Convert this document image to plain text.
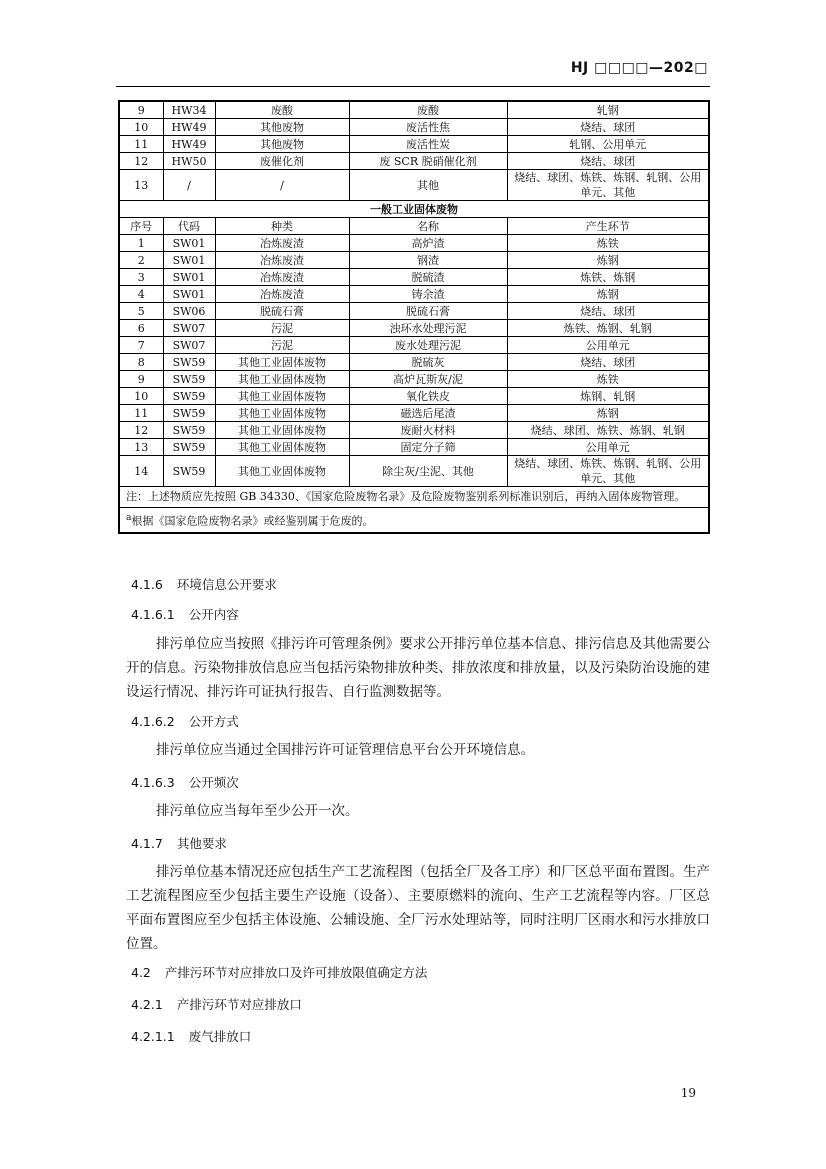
HJ □□□□—202□
9	HW34	废酸	废酸	轧钢
10	HW49	其他废物	废活性焦	烧结、球团
11	HW49	其他废物	废活性炭	轧钢、公用单元
12	HW50	废催化剂	废 SCR 脱硝催化剂	烧结、球团
13	/	/	其他	烧结、球团、炼铁、炼钢、轧钢、公用单元、其他
一般工业固体废物				
序号	代码	种类	名称	产生环节
1	SW01	冶炼废渣	高炉渣	炼铁
2	SW01	冶炼废渣	钢渣	炼钢
3	SW01	冶炼废渣	脱硫渣	炼铁、炼钢
4	SW01	冶炼废渣	铸余渣	炼钢
5	SW06	脱硫石膏	脱硫石膏	烧结、球团
6	SW07	污泥	浊环水处理污泥	炼铁、炼钢、轧钢
7	SW07	污泥	废水处理污泥	公用单元
8	SW59	其他工业固体废物	脱硫灰	烧结、球团
9	SW59	其他工业固体废物	高炉瓦斯灰/泥	炼铁
10	SW59	其他工业固体废物	氧化铁皮	炼钢、轧钢
11	SW59	其他工业固体废物	磁选后尾渣	炼钢
12	SW59	其他工业固体废物	废耐火材料	烧结、球团、炼铁、炼钢、轧钢
13	SW59	其他工业固体废物	固定分子筛	公用单元
14	SW59	其他工业固体废物	除尘灰/尘泥、其他	烧结、球团、炼铁、炼钢、轧钢、公用单元、其他
注：上述物质应先按照 GB 34330、《国家危险废物名录》及危险废物鉴别系列标准识别后，再纳入固体废物管理。				
$^a$根据《国家危险废物名录》或经鉴别属于危废的。				
4.1.6 环境信息公开要求
4.1.6.1 公开内容

排污单位应当按照《排污许可管理条例》要求公开排污单位基本信息、排污信息及其他需要公开的信息。污染物排放信息应当包括污染物排放种类、排放浓度和排放量，以及污染防治设施的建设运行情况、排污许可证执行报告、自行监测数据等。

4.1.6.2 公开方式

排污单位应当通过全国排污许可证管理信息平台公开环境信息。

4.1.6.3 公开频次

排污单位应当每年至少公开一次。

4.1.7 其他要求

排污单位基本情况还应包括生产工艺流程图（包括全厂及各工序）和厂区总平面布置图。生产工艺流程图应至少包括主要生产设施（设备）、主要原燃料的流向、生产工艺流程等内容。厂区总平面布置图应至少包括主体设施、公辅设施、全厂污水处理站等，同时注明厂区雨水和污水排放口位置。

4.2 产排污环节对应排放口及许可排放限值确定方法
4.2.1 产排污环节对应排放口
4.2.1.1 废气排放口
19
